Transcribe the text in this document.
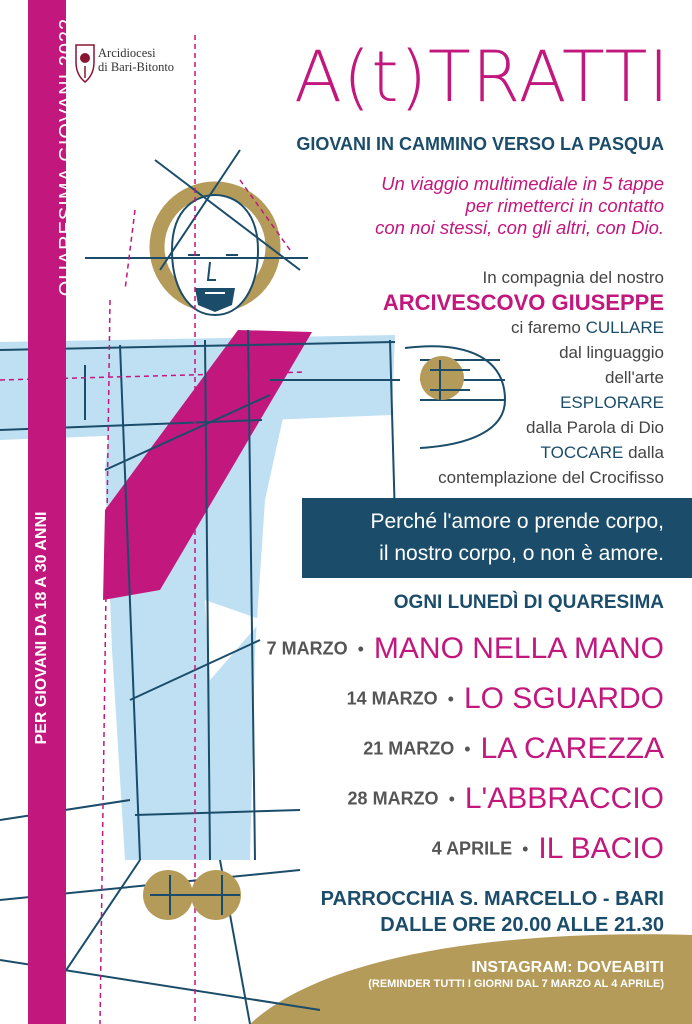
QUARESIMA GIOVANI 2022
PER GIOVANI DA 18 A 30 ANNI
Arcidiocesi
di Bari-Bitonto	A(t)TRATTI
GIOVANI IN CAMMINO VERSO LA PASQUA
Un viaggio multimediale in 5 tappe
per rimetterci in contatto
con noi stessi, con gli altri, con Dio.
In compagnia del nostro
ARCIVESCOVO GIUSEPPE
ci faremo CULLARE
dal linguaggio
dell'arte
ESPLORARE
dalla Parola di Dio
TOCCARE dalla
contemplazione del Crocifisso
Perché l'amore o prende corpo,
il nostro corpo, o non è amore.
OGNI LUNEDÌ DI QUARESIMA
7 MARZO • MANO NELLA MANO
14 MARZO • LO SGUARDO
21 MARZO • LA CAREZZA
28 MARZO • L'ABBRACCIO
4 APRILE • IL BACIO
PARROCCHIA S. MARCELLO - BARI
DALLE ORE 20.00 ALLE 21.30
INSTAGRAM: DOVEABITI
(REMINDER TUTTI I GIORNI DAL 7 MARZO AL 4 APRILE)
